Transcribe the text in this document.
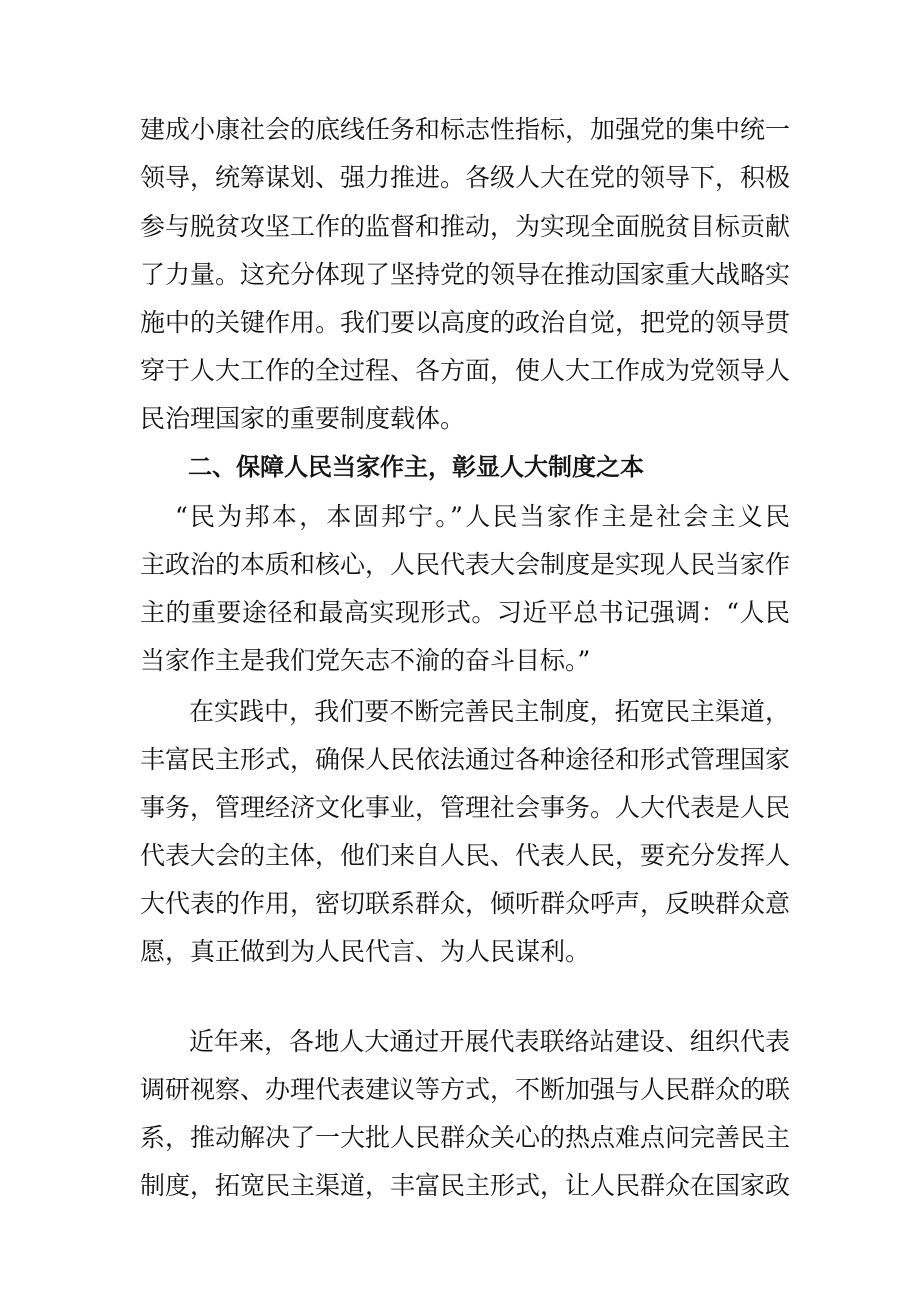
建成小康社会的底线任务和标志性指标，加强党的集中统一
领导，统筹谋划、强力推进。各级人大在党的领导下，积极
参与脱贫攻坚工作的监督和推动，为实现全面脱贫目标贡献
了力量。这充分体现了坚持党的领导在推动国家重大战略实
施中的关键作用。我们要以高度的政治自觉，把党的领导贯
穿于人大工作的全过程、各方面，使人大工作成为党领导人
民治理国家的重要制度载体。
二、保障人民当家作主，彰显人大制度之本
“民为邦本，本固邦宁。”人民当家作主是社会主义民
主政治的本质和核心，人民代表大会制度是实现人民当家作
主的重要途径和最高实现形式。习近平总书记强调：“人民
当家作主是我们党矢志不渝的奋斗目标。”
在实践中，我们要不断完善民主制度，拓宽民主渠道，
丰富民主形式，确保人民依法通过各种途径和形式管理国家
事务，管理经济文化事业，管理社会事务。人大代表是人民
代表大会的主体，他们来自人民、代表人民，要充分发挥人
大代表的作用，密切联系群众，倾听群众呼声，反映群众意
愿，真正做到为人民代言、为人民谋利。
近年来，各地人大通过开展代表联络站建设、组织代表
调研视察、办理代表建议等方式，不断加强与人民群众的联
系，推动解决了一大批人民群众关心的热点难点问完善民主
制度，拓宽民主渠道，丰富民主形式，让人民群众在国家政
